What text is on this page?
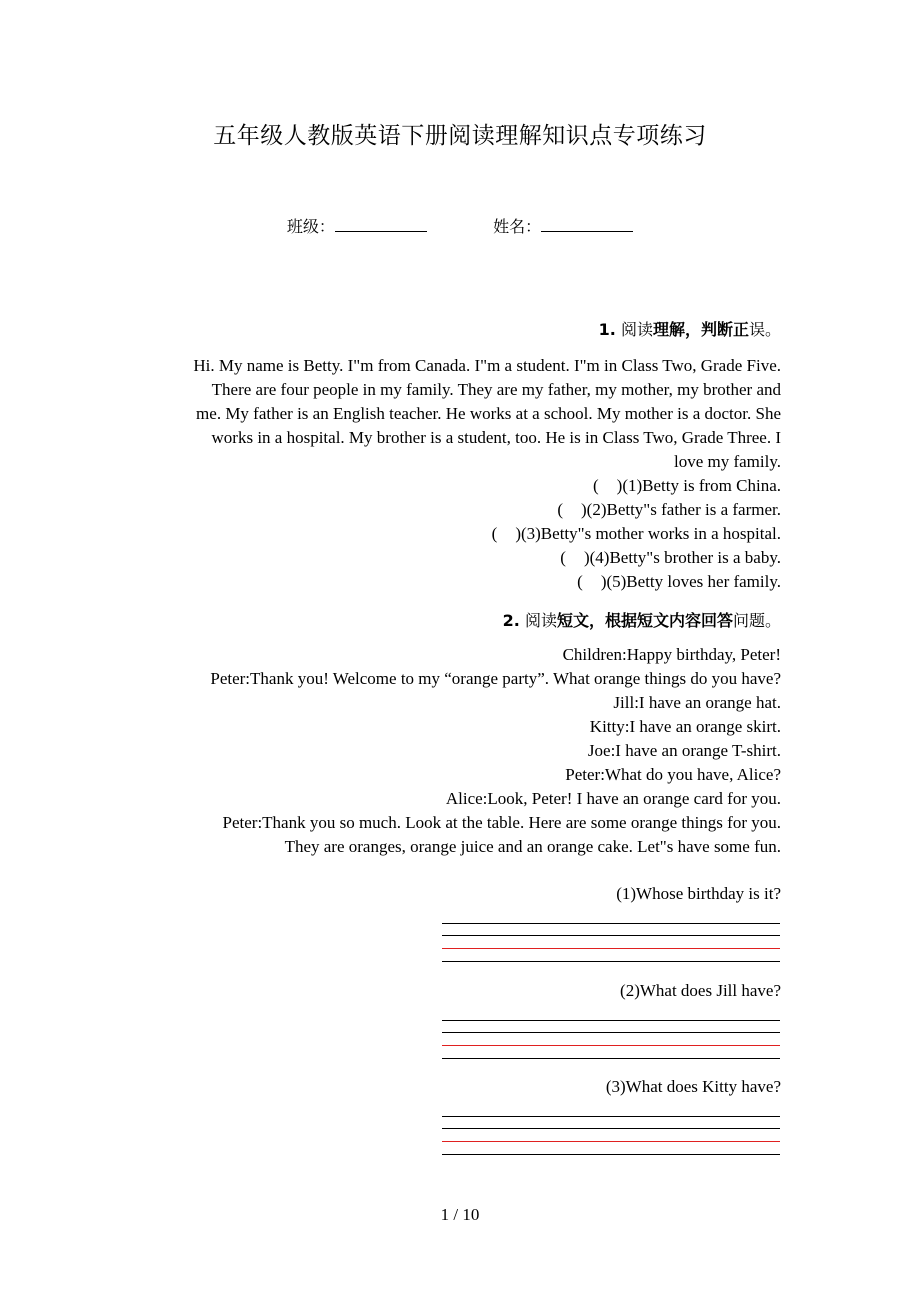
五年级人教版英语下册阅读理解知识点专项练习
班级：	姓名：
1. 阅读理解，判断正误。

Hi. My name is Betty. I"m from Canada. I"m a student. I"m in Class Two, Grade Five.

There are four people in my family. They are my father, my mother, my brother and

me. My father is an English teacher. He works at a school. My mother is a doctor. She

works in a hospital. My brother is a student, too. He is in Class Two, Grade Three. I

love my family.

( )(1)Betty is from China.

( )(2)Betty"s father is a farmer.

( )(3)Betty"s mother works in a hospital.

( )(4)Betty"s brother is a baby.

( )(5)Betty loves her family.

2. 阅读短文，根据短文内容回答问题。

Children:Happy birthday, Peter!

Peter:Thank you! Welcome to my “orange party”. What orange things do you have?

Jill:I have an orange hat.

Kitty:I have an orange skirt.

Joe:I have an orange T-shirt.

Peter:What do you have, Alice?

Alice:Look, Peter! I have an orange card for you.

Peter:Thank you so much. Look at the table. Here are some orange things for you.

They are oranges, orange juice and an orange cake. Let"s have some fun.

(1)Whose birthday is it?
(2)What does Jill have?
(3)What does Kitty have?
1 / 10
